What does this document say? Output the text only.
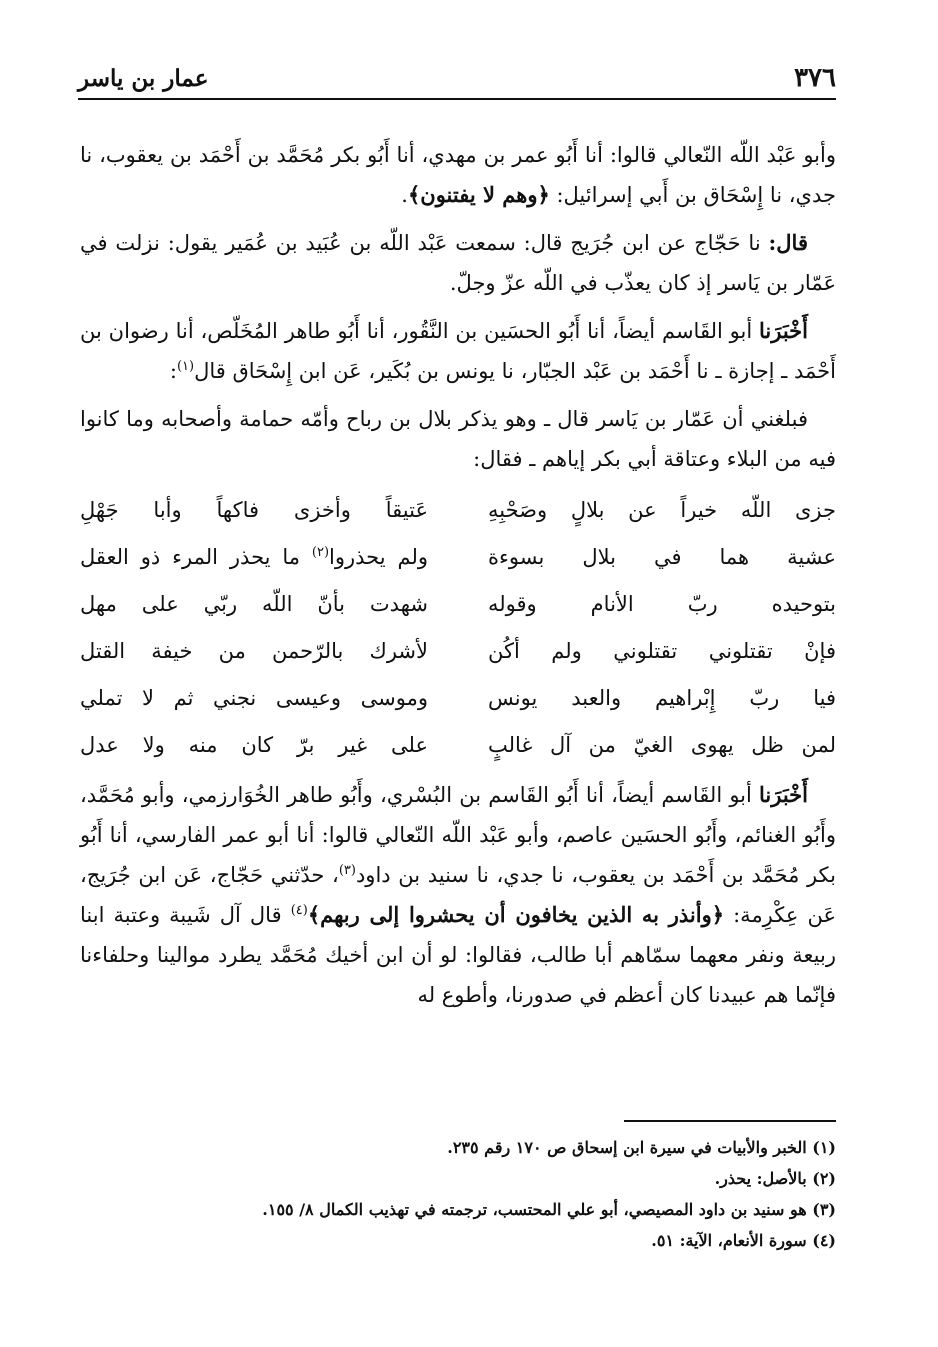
٣٧٦
عمار بن ياسر

وأبو عَبْد اللّه النّعالي قالوا: أنا أَبُو عمر بن مهدي، أنا أَبُو بكر مُحَمَّد بن أَحْمَد بن يعقوب، نا جدي، نا إِسْحَاق بن أَبي إسرائيل: ﴿وهم لا يفتنون﴾.

قال: نا حَجّاج عن ابن جُرَيج قال: سمعت عَبْد اللّه بن عُبَيد بن عُمَير يقول: نزلت في عَمّار بن يَاسر إذ كان يعذّب في اللّه عزّ وجلّ.

أَخْبَرَنا أبو القَاسم أيضاً، أنا أَبُو الحسَين بن النَّقُور، أنا أَبُو طاهر المُخَلّص، أنا رضوان بن أَحْمَد ـ إجازة ـ نا أَحْمَد بن عَبْد الجبّار، نا يونس بن بُكَير، عَن ابن إِسْحَاق قال$^{(١)}$:

فبلغني أن عَمّار بن يَاسر قال ـ وهو يذكر بلال بن رباح وأمّه حمامة وأصحابه وما كانوا فيه من البلاء وعتاقة أبي بكر إياهم ـ فقال:

جزى اللّه خيراً عن بلالٍ وصَحْبِهِ
عَتيقاً وأخزى فاكهاً وأبا جَهْلِ
عشية هما في بلال بسوءة
ولم يحذروا$^{(٢)}$ ما يحذر المرء ذو العقل
بتوحيده ربّ الأنام وقوله
شهدت بأنّ اللّه ربّي على مهل
فإنْ تقتلوني تقتلوني ولم أكُن
لأشرك بالرّحمن من خيفة القتل
فيا ربّ إِبْراهيم والعبد يونس
وموسى وعيسى نجني ثم لا تملي
لمن ظل يهوى الغيّ من آل غالبٍ
على غير برّ كان منه ولا عدل

أَخْبَرَنا أبو القَاسم أيضاً، أنا أَبُو القَاسم بن البُسْري، وأَبُو طاهر الخُوَارزمي، وأبو مُحَمَّد، وأَبُو الغنائم، وأَبُو الحسَين عاصم، وأبو عَبْد اللّه النّعالي قالوا: أنا أبو عمر الفارسي، أنا أَبُو بكر مُحَمَّد بن أَحْمَد بن يعقوب، نا جدي، نا سنيد بن داود$^{(٣)}$، حدّثني حَجّاج، عَن ابن جُرَيج، عَن عِكْرِمة: ﴿وأنذر به الذين يخافون أن يحشروا إلى ربهم﴾$^{(٤)}$ قال آل شَيبة وعتبة ابنا ربيعة ونفر معهما سمّاهم أبا طالب، فقالوا: لو أن ابن أخيك مُحَمَّد يطرد موالينا وحلفاءنا فإنّما هم عبيدنا كان أعظم في صدورنا، وأطوع له

(١) الخبر والأبيات في سيرة ابن إسحاق ص ١٧٠ رقم ٢٣٥.
(٢) بالأصل: يحذر.
(٣) هو سنيد بن داود المصيصي، أبو علي المحتسب، ترجمته في تهذيب الكمال ٨/ ١٥٥.
(٤) سورة الأنعام، الآية: ٥١.
